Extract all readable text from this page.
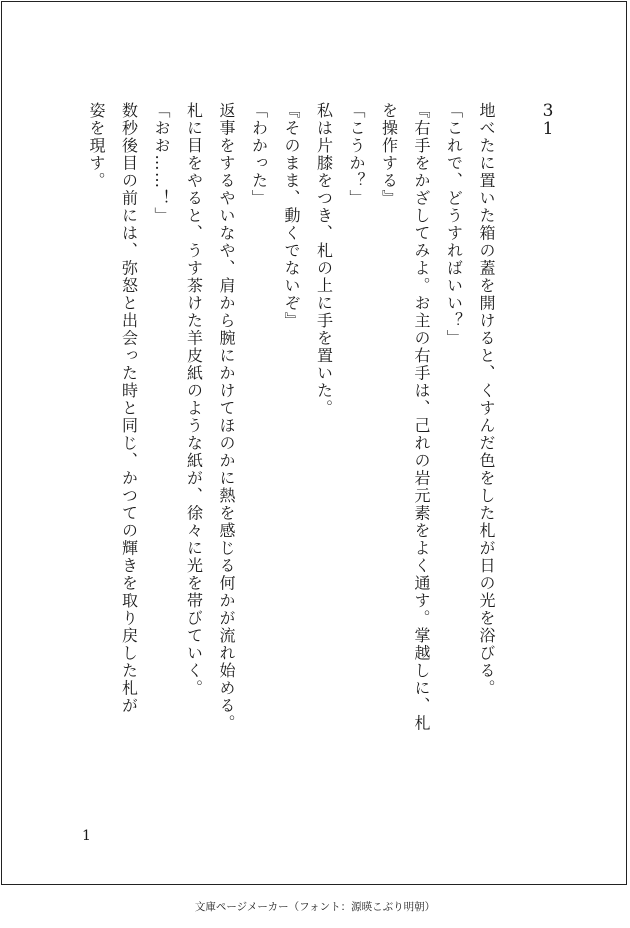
3
1

地べたに置いた箱の蓋を開けると、くすんだ色をした札が日の光を浴びる。

「これで、どうすればいい？」

『右手をかざしてみよ。お主の右手は、己れの岩元素をよく通す。掌越しに、札

を操作する』

「こうか？」

私は片膝をつき、札の上に手を置いた。

『そのまま、動くでないぞ』

「わかった」

返事をするやいなや、肩から腕にかけてほのかに熱を感じる何かが流れ始める。

札に目をやると、うす茶けた羊皮紙のような紙が、徐々に光を帯びていく。

「おお……！」

数秒後目の前には、弥怒と出会った時と同じ、かつての輝きを取り戻した札が

姿を現す。

1
文庫ページメーカー（フォント：源暎こぶり明朝）
